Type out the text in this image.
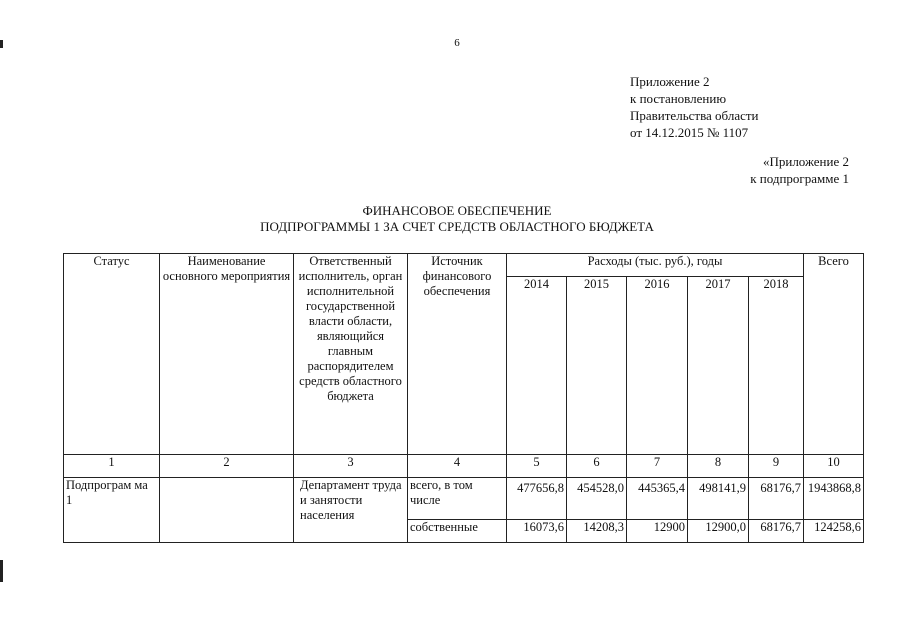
6
Приложение 2
к постановлению
Правительства области
от 14.12.2015 № 1107
«Приложение 2
к подпрограмме 1
ФИНАНСОВОЕ ОБЕСПЕЧЕНИЕ
ПОДПРОГРАММЫ 1 ЗА СЧЕТ СРЕДСТВ ОБЛАСТНОГО БЮДЖЕТА
Статус	Наименование основного мероприятия	Ответственный исполнитель, орган исполнительной государственной власти области, являющийся главным распорядителем средств областного бюджета	Источник финансового обеспечения	Расходы (тыс. руб.), годы					Всего
				2014	2015	2016	2017	2018	
1	2	3	4	5	6	7	8	9	10
Подпрограм ма 1		Департамент труда и занятости населения	всего, в том числе	477656,8	454528,0	445365,4	498141,9	68176,7	1943868,8
			собственные	16073,6	14208,3	12900	12900,0	68176,7	124258,6
